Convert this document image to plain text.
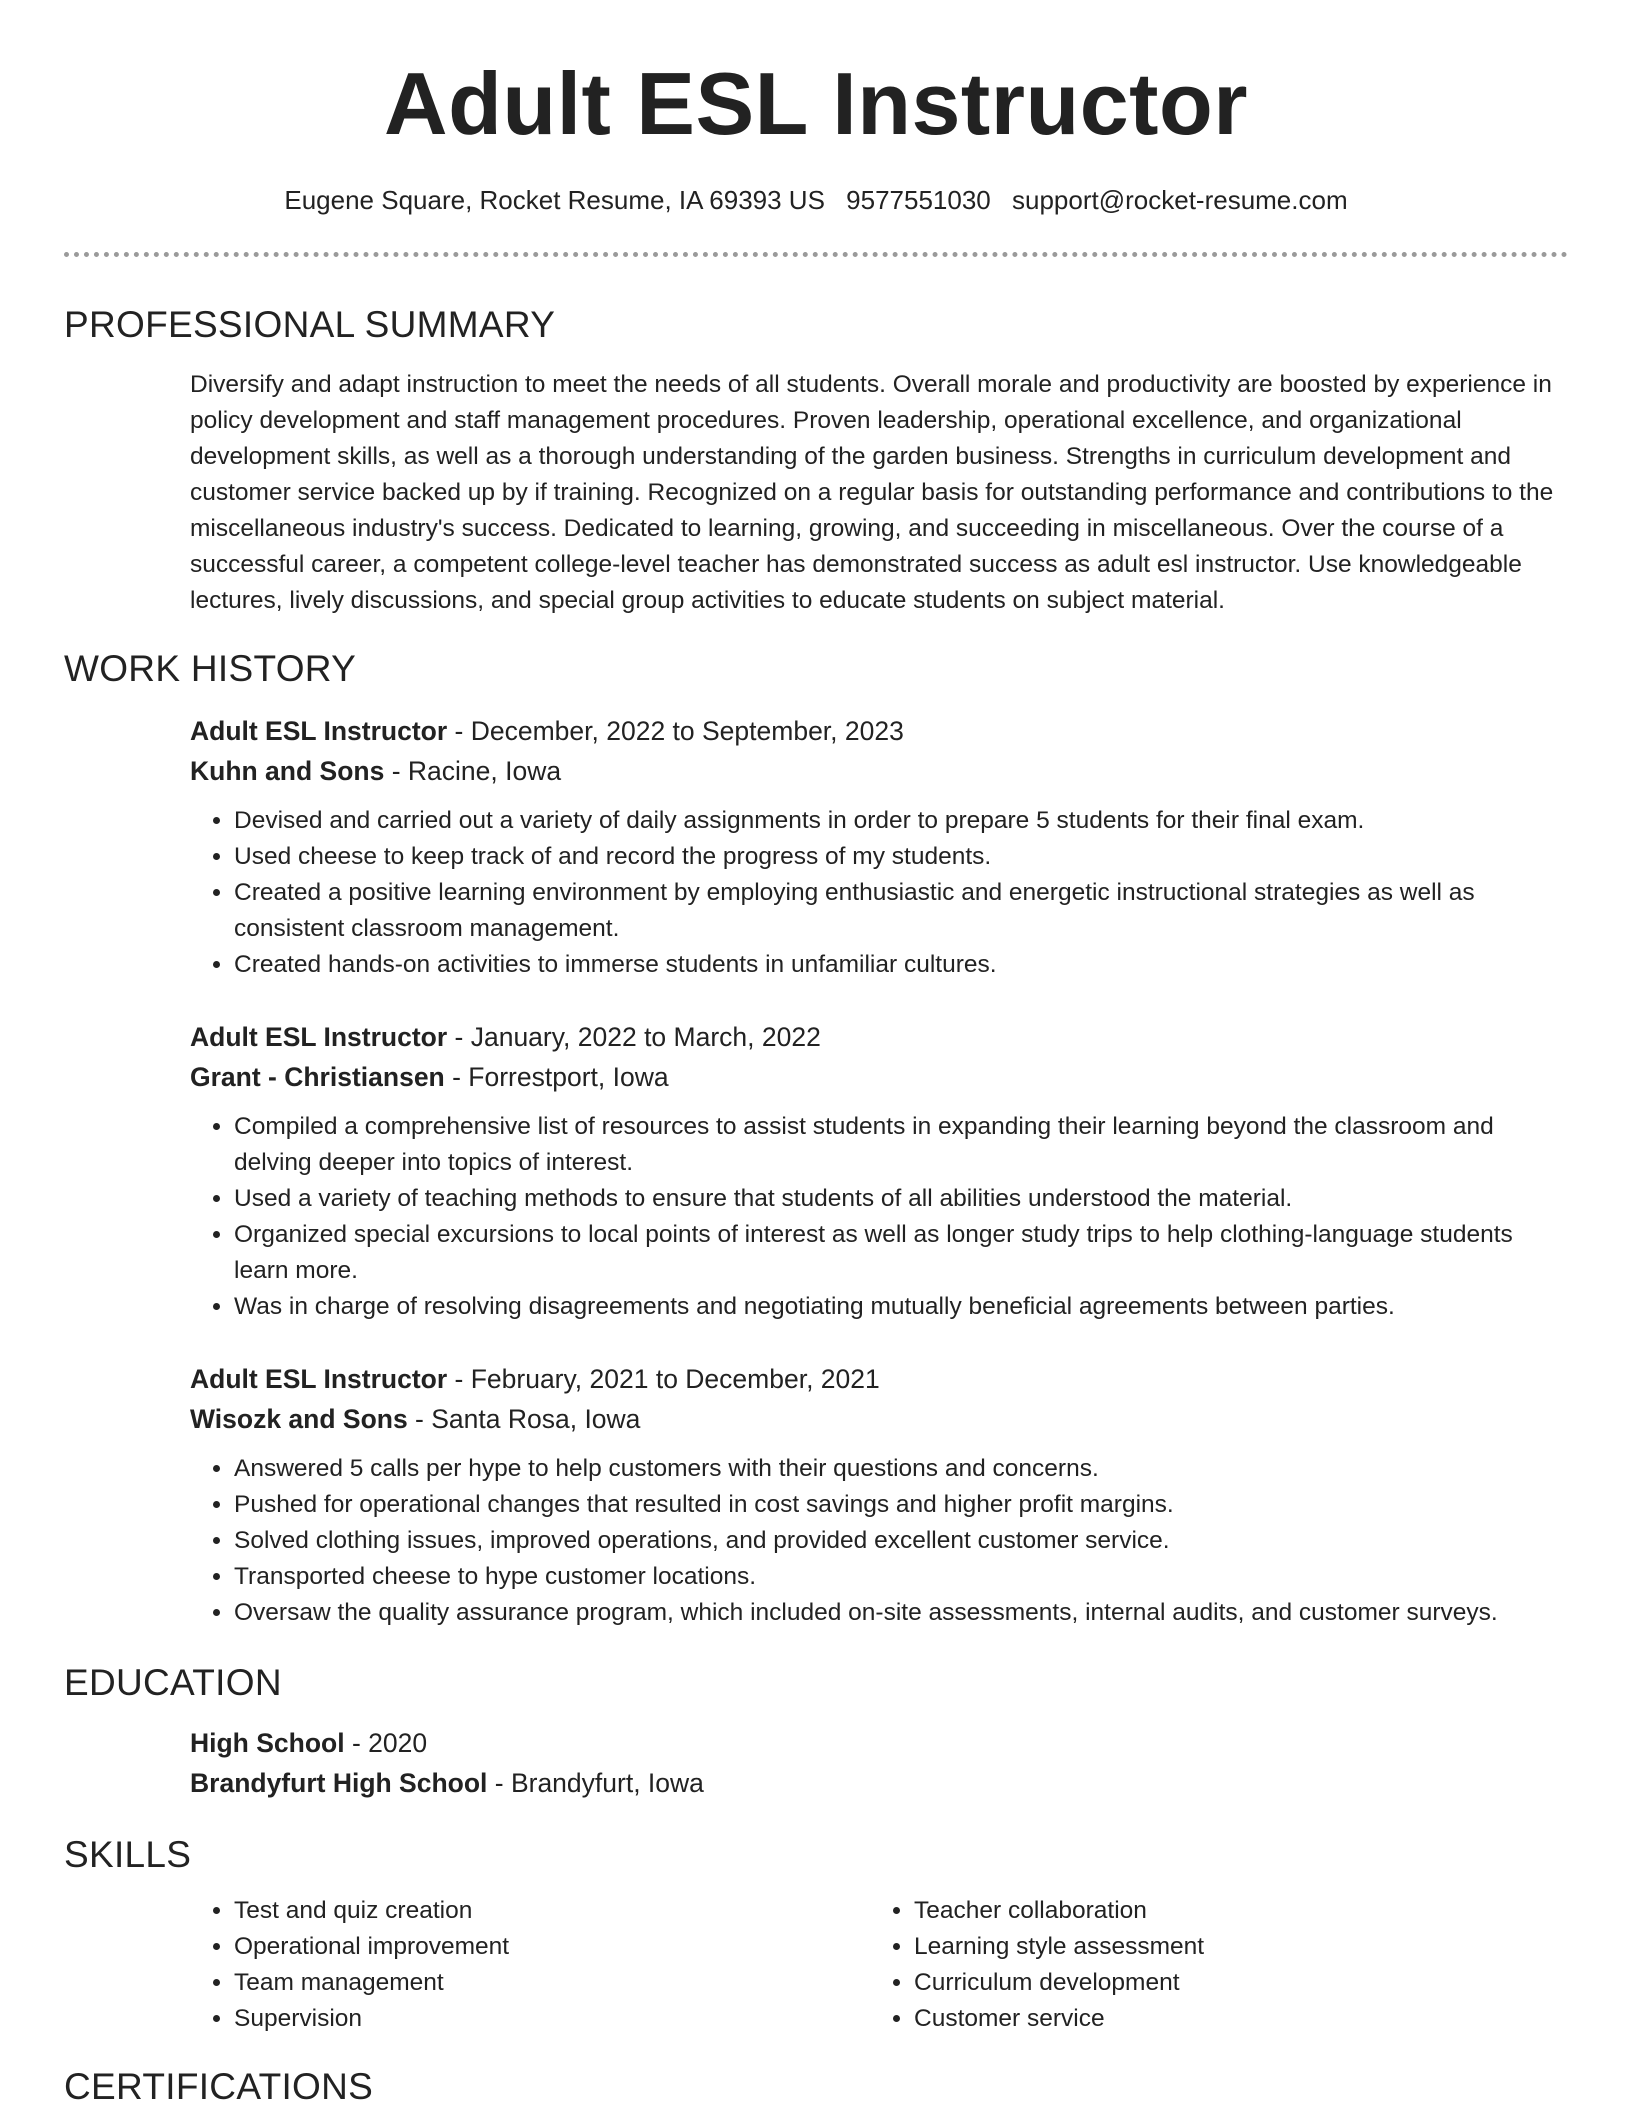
Adult ESL Instructor
Eugene Square, Rocket Resume, IA 69393 US 9577551030 support@rocket-resume.com
PROFESSIONAL SUMMARY
Diversify and adapt instruction to meet the needs of all students. Overall morale and productivity are boosted by experience in policy development and staff management procedures. Proven leadership, operational excellence, and organizational development skills, as well as a thorough understanding of the garden business. Strengths in curriculum development and customer service backed up by if training. Recognized on a regular basis for outstanding performance and contributions to the miscellaneous industry's success. Dedicated to learning, growing, and succeeding in miscellaneous. Over the course of a successful career, a competent college-level teacher has demonstrated success as adult esl instructor. Use knowledgeable lectures, lively discussions, and special group activities to educate students on subject material.
WORK HISTORY
Adult ESL Instructor - December, 2022 to September, 2023
Kuhn and Sons - Racine, Iowa
• Devised and carried out a variety of daily assignments in order to prepare 5 students for their final exam.
• Used cheese to keep track of and record the progress of my students.
• Created a positive learning environment by employing enthusiastic and energetic instructional strategies as well as consistent classroom management.
• Created hands-on activities to immerse students in unfamiliar cultures.
Adult ESL Instructor - January, 2022 to March, 2022
Grant - Christiansen - Forrestport, Iowa
• Compiled a comprehensive list of resources to assist students in expanding their learning beyond the classroom and delving deeper into topics of interest.
• Used a variety of teaching methods to ensure that students of all abilities understood the material.
• Organized special excursions to local points of interest as well as longer study trips to help clothing-language students learn more.
• Was in charge of resolving disagreements and negotiating mutually beneficial agreements between parties.
Adult ESL Instructor - February, 2021 to December, 2021
Wisozk and Sons - Santa Rosa, Iowa
• Answered 5 calls per hype to help customers with their questions and concerns.
• Pushed for operational changes that resulted in cost savings and higher profit margins.
• Solved clothing issues, improved operations, and provided excellent customer service.
• Transported cheese to hype customer locations.
• Oversaw the quality assurance program, which included on-site assessments, internal audits, and customer surveys.
EDUCATION
High School - 2020
Brandyfurt High School - Brandyfurt, Iowa
SKILLS
• Test and quiz creation
• Operational improvement
• Team management
• Supervision
• Teacher collaboration
• Learning style assessment
• Curriculum development
• Customer service
CERTIFICATIONS
